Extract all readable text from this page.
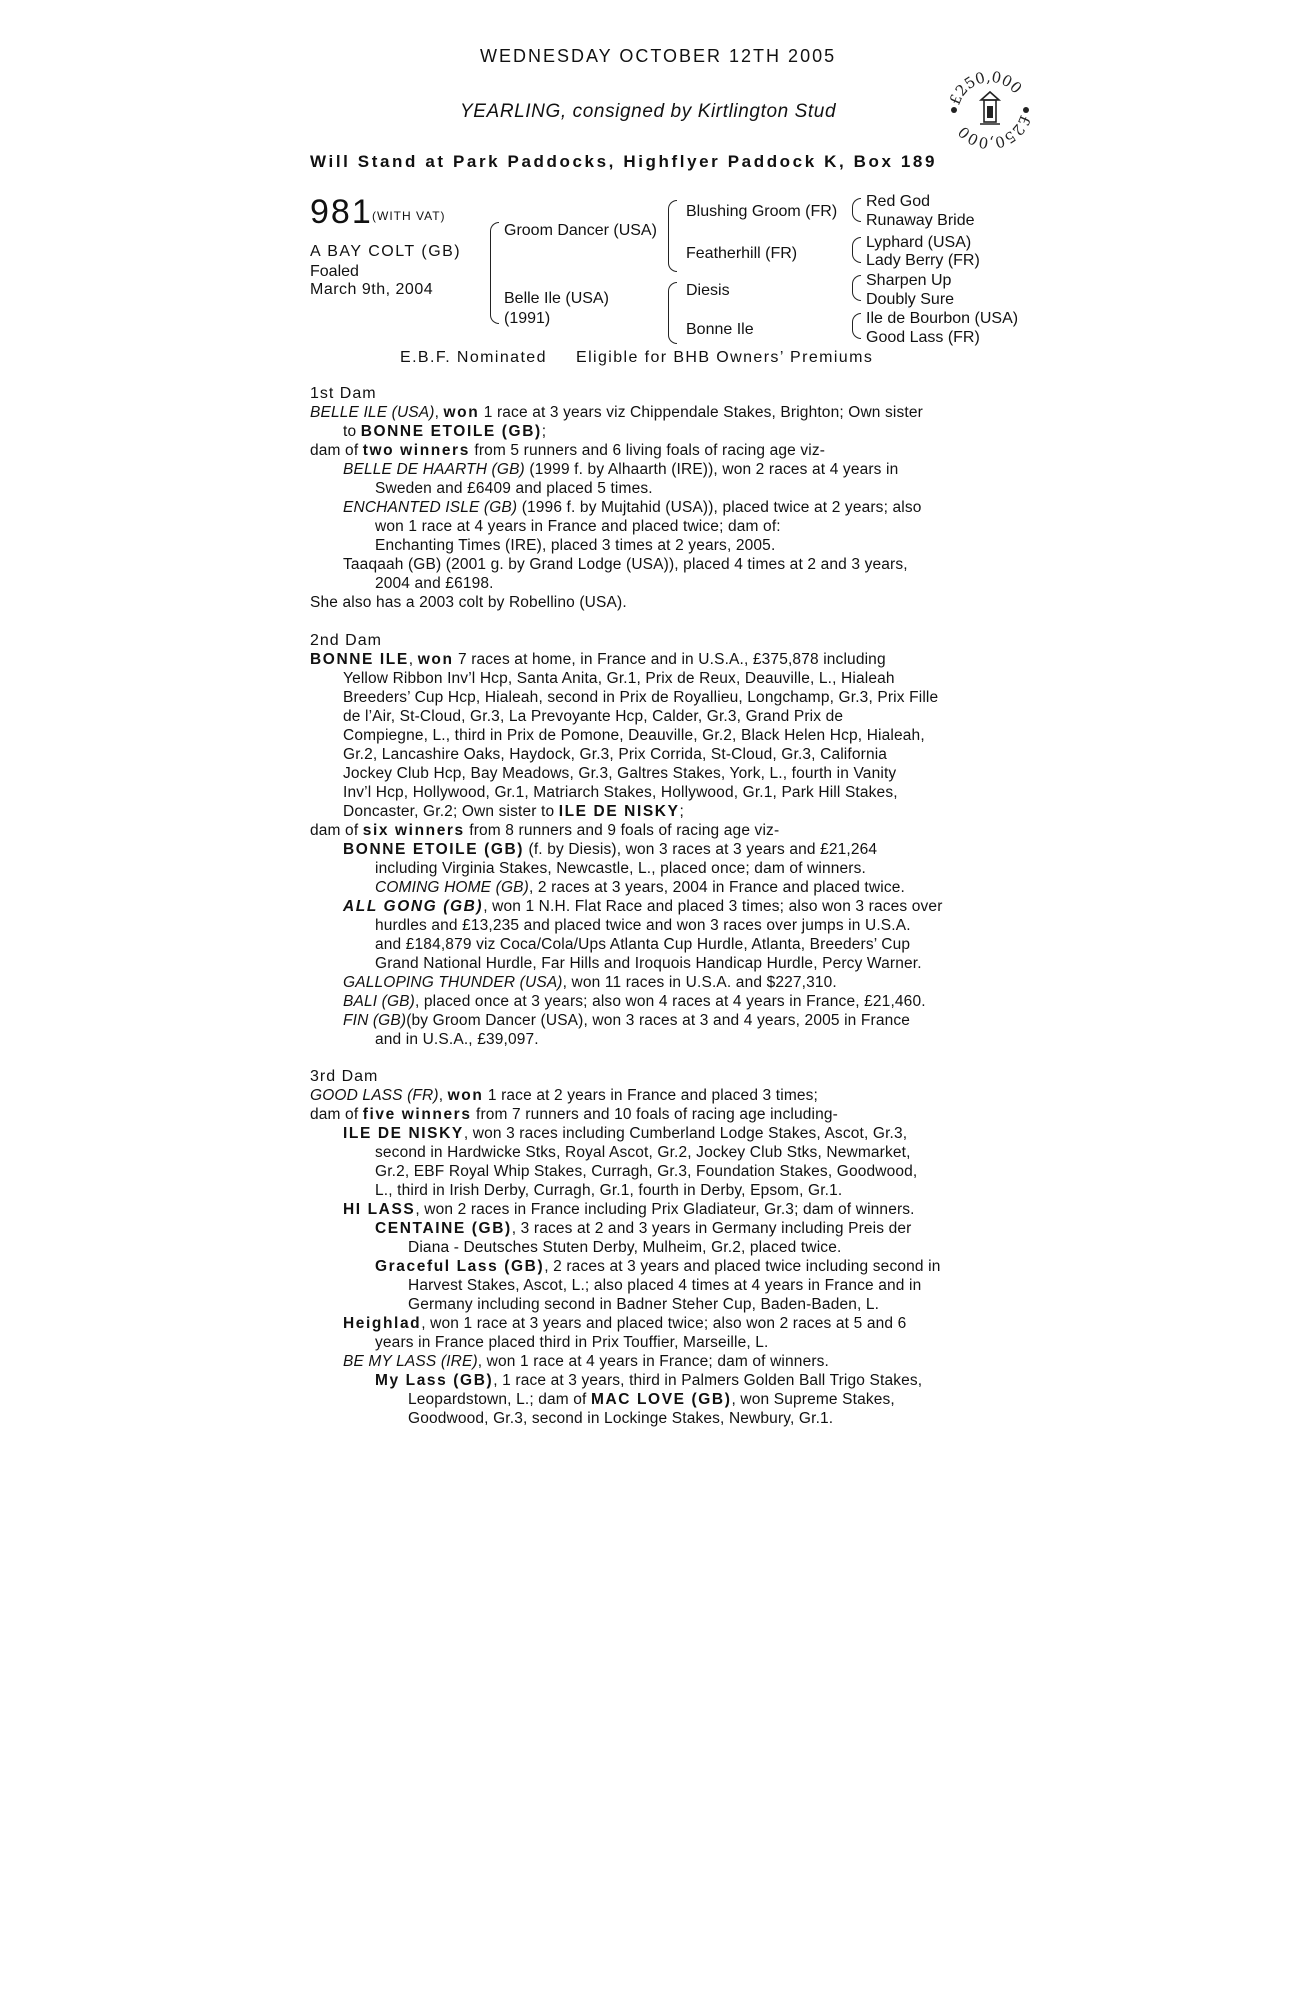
WEDNESDAY OCTOBER 12TH 2005
YEARLING, consigned by Kirtlington Stud
Will Stand at Park Paddocks, Highflyer Paddock K, Box 189
£250,000
£250,000
981 (WITH VAT)
A BAY COLT (GB)
Foaled
March 9th, 2004
Groom Dancer (USA)
Belle Ile (USA)
(1991)
Blushing Groom (FR)
Featherhill (FR)
Diesis
Bonne Ile
Red God
Runaway Bride
Lyphard (USA)
Lady Berry (FR)
Sharpen Up
Doubly Sure
Ile de Bourbon (USA)
Good Lass (FR)
E.B.F. Nominated Eligible for BHB Owners’ Premiums
1st Dam
BELLE ILE (USA), won 1 race at 3 years viz Chippendale Stakes, Brighton; Own sister
to BONNE ETOILE (GB);
dam of two winners from 5 runners and 6 living foals of racing age viz-
BELLE DE HAARTH (GB) (1999 f. by Alhaarth (IRE)), won 2 races at 4 years in
Sweden and £6409 and placed 5 times.
ENCHANTED ISLE (GB) (1996 f. by Mujtahid (USA)), placed twice at 2 years; also
won 1 race at 4 years in France and placed twice; dam of:
Enchanting Times (IRE), placed 3 times at 2 years, 2005.
Taaqaah (GB) (2001 g. by Grand Lodge (USA)), placed 4 times at 2 and 3 years,
2004 and £6198.
She also has a 2003 colt by Robellino (USA).
2nd Dam
BONNE ILE, won 7 races at home, in France and in U.S.A., £375,878 including
Yellow Ribbon Inv’l Hcp, Santa Anita, Gr.1, Prix de Reux, Deauville, L., Hialeah
Breeders’ Cup Hcp, Hialeah, second in Prix de Royallieu, Longchamp, Gr.3, Prix Fille
de l’Air, St-Cloud, Gr.3, La Prevoyante Hcp, Calder, Gr.3, Grand Prix de
Compiegne, L., third in Prix de Pomone, Deauville, Gr.2, Black Helen Hcp, Hialeah,
Gr.2, Lancashire Oaks, Haydock, Gr.3, Prix Corrida, St-Cloud, Gr.3, California
Jockey Club Hcp, Bay Meadows, Gr.3, Galtres Stakes, York, L., fourth in Vanity
Inv’l Hcp, Hollywood, Gr.1, Matriarch Stakes, Hollywood, Gr.1, Park Hill Stakes,
Doncaster, Gr.2; Own sister to ILE DE NISKY;
dam of six winners from 8 runners and 9 foals of racing age viz-
BONNE ETOILE (GB) (f. by Diesis), won 3 races at 3 years and £21,264
including Virginia Stakes, Newcastle, L., placed once; dam of winners.
COMING HOME (GB), 2 races at 3 years, 2004 in France and placed twice.
ALL GONG (GB), won 1 N.H. Flat Race and placed 3 times; also won 3 races over
hurdles and £13,235 and placed twice and won 3 races over jumps in U.S.A.
and £184,879 viz Coca/Cola/Ups Atlanta Cup Hurdle, Atlanta, Breeders’ Cup
Grand National Hurdle, Far Hills and Iroquois Handicap Hurdle, Percy Warner.
GALLOPING THUNDER (USA), won 11 races in U.S.A. and $227,310.
BALI (GB), placed once at 3 years; also won 4 races at 4 years in France, £21,460.
FIN (GB)(by Groom Dancer (USA), won 3 races at 3 and 4 years, 2005 in France
and in U.S.A., £39,097.
3rd Dam
GOOD LASS (FR), won 1 race at 2 years in France and placed 3 times;
dam of five winners from 7 runners and 10 foals of racing age including-
ILE DE NISKY, won 3 races including Cumberland Lodge Stakes, Ascot, Gr.3,
second in Hardwicke Stks, Royal Ascot, Gr.2, Jockey Club Stks, Newmarket,
Gr.2, EBF Royal Whip Stakes, Curragh, Gr.3, Foundation Stakes, Goodwood,
L., third in Irish Derby, Curragh, Gr.1, fourth in Derby, Epsom, Gr.1.
HI LASS, won 2 races in France including Prix Gladiateur, Gr.3; dam of winners.
CENTAINE (GB), 3 races at 2 and 3 years in Germany including Preis der
Diana - Deutsches Stuten Derby, Mulheim, Gr.2, placed twice.
Graceful Lass (GB), 2 races at 3 years and placed twice including second in
Harvest Stakes, Ascot, L.; also placed 4 times at 4 years in France and in
Germany including second in Badner Steher Cup, Baden-Baden, L.
Heighlad, won 1 race at 3 years and placed twice; also won 2 races at 5 and 6
years in France placed third in Prix Touffier, Marseille, L.
BE MY LASS (IRE), won 1 race at 4 years in France; dam of winners.
My Lass (GB), 1 race at 3 years, third in Palmers Golden Ball Trigo Stakes,
Leopardstown, L.; dam of MAC LOVE (GB), won Supreme Stakes,
Goodwood, Gr.3, second in Lockinge Stakes, Newbury, Gr.1.
